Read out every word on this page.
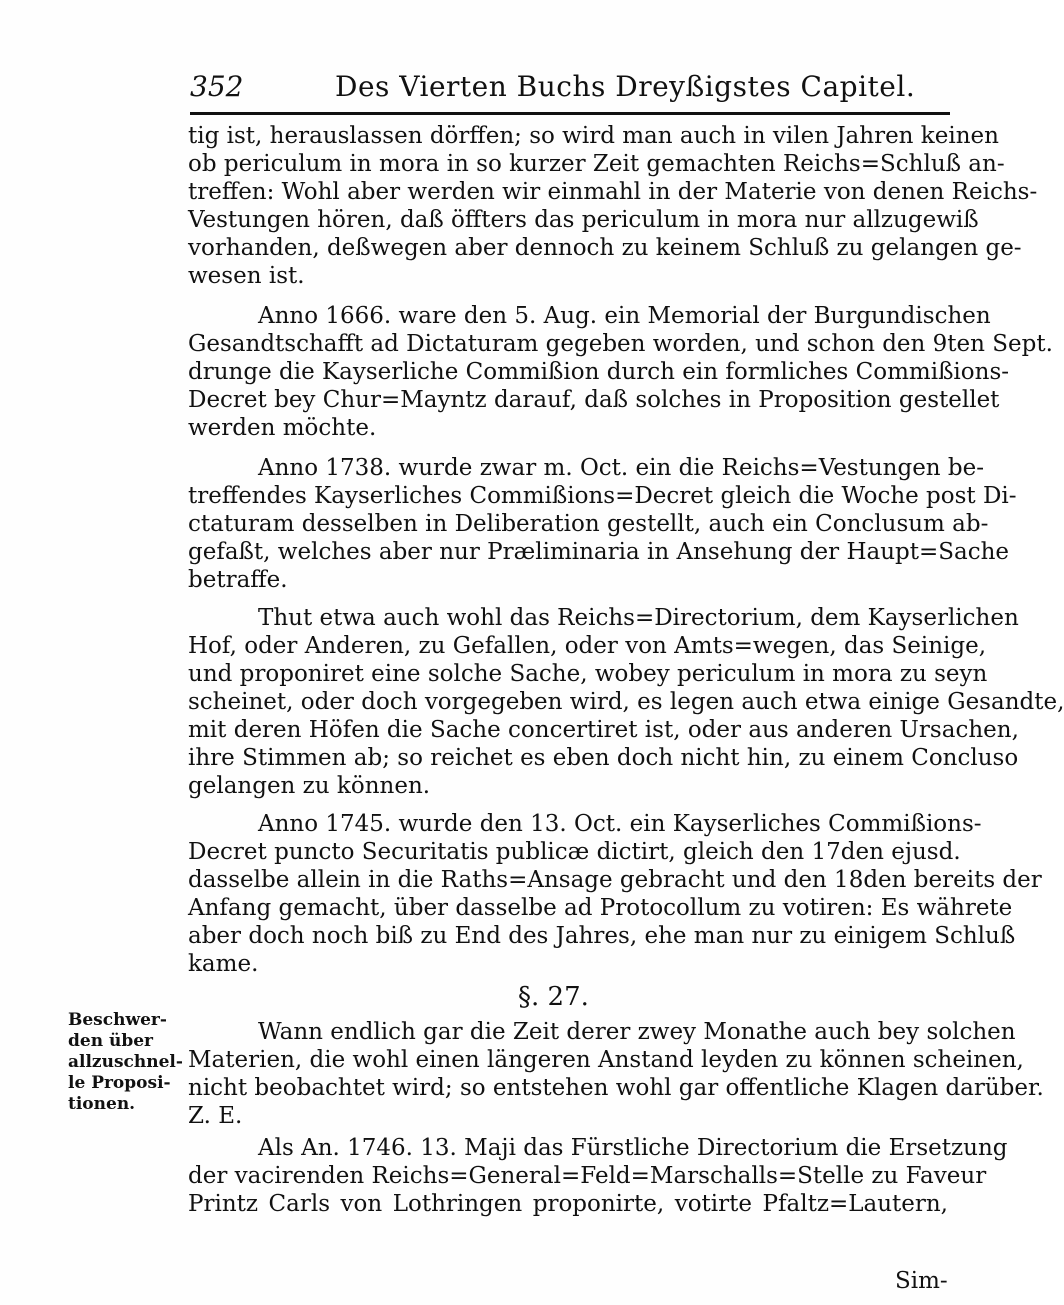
352	Des Vierten Buchs Dreyßigstes Capitel.
tig ist, herauslassen dörffen; so wird man auch in vilen Jahren keinen
ob periculum in mora in so kurzer Zeit gemachten Reichs=Schluß an-
treffen: Wohl aber werden wir einmahl in der Materie von denen Reichs-
Vestungen hören, daß öffters das periculum in mora nur allzugewiß
vorhanden, deßwegen aber dennoch zu keinem Schluß zu gelangen ge-
wesen ist.
Anno 1666. ware den 5. Aug. ein Memorial der Burgundischen
Gesandtschafft ad Dictaturam gegeben worden, und schon den 9ten Sept.
drunge die Kayserliche Commißion durch ein formliches Commißions-
Decret bey Chur=Mayntz darauf, daß solches in Proposition gestellet
werden möchte.
Anno 1738. wurde zwar m. Oct. ein die Reichs=Vestungen be-
treffendes Kayserliches Commißions=Decret gleich die Woche post Di-
ctaturam desselben in Deliberation gestellt, auch ein Conclusum ab-
gefaßt, welches aber nur Præliminaria in Ansehung der Haupt=Sache
betraffe.
Thut etwa auch wohl das Reichs=Directorium, dem Kayserlichen
Hof, oder Anderen, zu Gefallen, oder von Amts=wegen, das Seinige,
und proponiret eine solche Sache, wobey periculum in mora zu seyn
scheinet, oder doch vorgegeben wird, es legen auch etwa einige Gesandte,
mit deren Höfen die Sache concertiret ist, oder aus anderen Ursachen,
ihre Stimmen ab; so reichet es eben doch nicht hin, zu einem Concluso
gelangen zu können.
Anno 1745. wurde den 13. Oct. ein Kayserliches Commißions-
Decret puncto Securitatis publicæ dictirt, gleich den 17den ejusd.
dasselbe allein in die Raths=Ansage gebracht und den 18den bereits der
Anfang gemacht, über dasselbe ad Protocollum zu votiren: Es währete
aber doch noch biß zu End des Jahres, ehe man nur zu einigem Schluß
kame.
§. 27.
Wann endlich gar die Zeit derer zwey Monathe auch bey solchen
Materien, die wohl einen längeren Anstand leyden zu können scheinen,
nicht beobachtet wird; so entstehen wohl gar offentliche Klagen darüber.
Z. E.
Als An. 1746. 13. Maji das Fürstliche Directorium die Ersetzung
der vacirenden Reichs=General=Feld=Marschalls=Stelle zu Faveur
Printz Carls von Lothringen proponirte, votirte Pfaltz=Lautern,
Beschwer-
den über
allzuschnel-
le Proposi-
tionen.
Sim-
